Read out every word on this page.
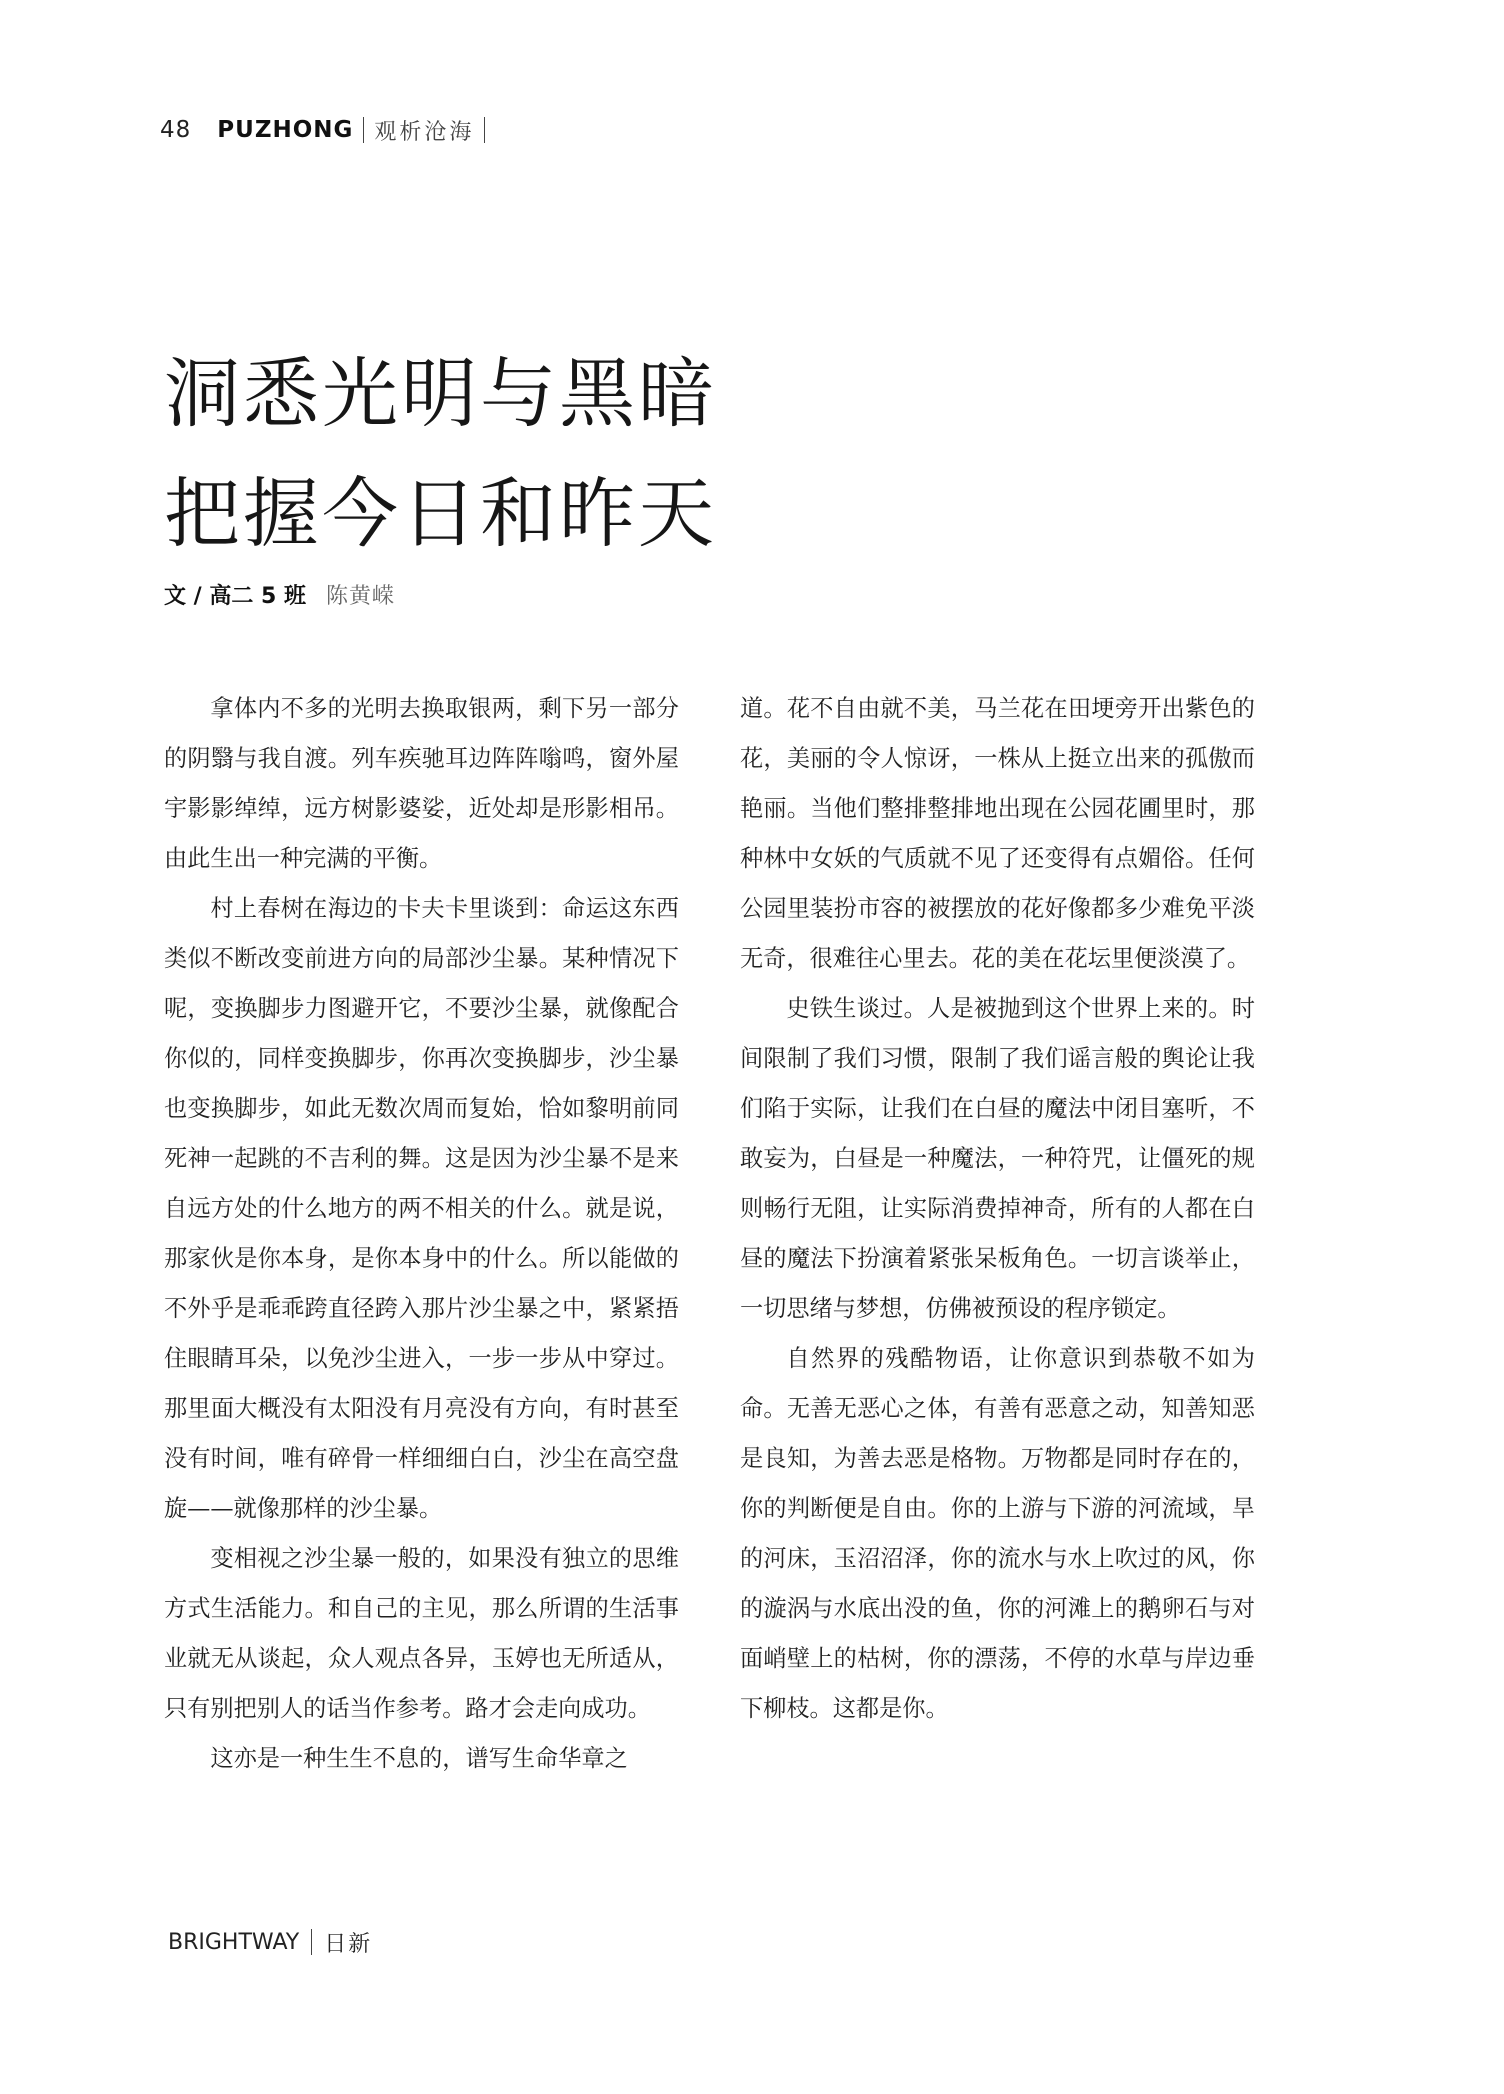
48 PUZHONG 观析沧海
洞悉光明与黑暗
把握今日和昨天
文 / 高二 5 班 陈黄嵘

拿体内不多的光明去换取银两，剩下另一部分的阴翳与我自渡。列车疾驰耳边阵阵嗡鸣，窗外屋宇影影绰绰，远方树影婆娑，近处却是形影相吊。由此生出一种完满的平衡。

村上春树在海边的卡夫卡里谈到：命运这东西类似不断改变前进方向的局部沙尘暴。某种情况下呢，变换脚步力图避开它，不要沙尘暴，就像配合你似的，同样变换脚步，你再次变换脚步，沙尘暴也变换脚步，如此无数次周而复始，恰如黎明前同死神一起跳的不吉利的舞。这是因为沙尘暴不是来自远方处的什么地方的两不相关的什么。就是说，那家伙是你本身，是你本身中的什么。所以能做的不外乎是乖乖跨直径跨入那片沙尘暴之中，紧紧捂住眼睛耳朵，以免沙尘进入，一步一步从中穿过。那里面大概没有太阳没有月亮没有方向，有时甚至没有时间，唯有碎骨一样细细白白，沙尘在高空盘旋——就像那样的沙尘暴。

变相视之沙尘暴一般的，如果没有独立的思维方式生活能力。和自己的主见，那么所谓的生活事业就无从谈起，众人观点各异，玉婷也无所适从，只有别把别人的话当作参考。路才会走向成功。

这亦是一种生生不息的，谱写生命华章之

道。花不自由就不美，马兰花在田埂旁开出紫色的花，美丽的令人惊讶，一株从上挺立出来的孤傲而艳丽。当他们整排整排地出现在公园花圃里时，那种林中女妖的气质就不见了还变得有点媚俗。任何公园里装扮市容的被摆放的花好像都多少难免平淡无奇，很难往心里去。花的美在花坛里便淡漠了。

史铁生谈过。人是被抛到这个世界上来的。时间限制了我们习惯，限制了我们谣言般的舆论让我们陷于实际，让我们在白昼的魔法中闭目塞听，不敢妄为，白昼是一种魔法，一种符咒，让僵死的规则畅行无阻，让实际消费掉神奇，所有的人都在白昼的魔法下扮演着紧张呆板角色。一切言谈举止，一切思绪与梦想，仿佛被预设的程序锁定。

自然界的残酷物语，让你意识到恭敬不如为命。无善无恶心之体，有善有恶意之动，知善知恶是良知，为善去恶是格物。万物都是同时存在的，你的判断便是自由。你的上游与下游的河流域，旱的河床，玉沼沼泽，你的流水与水上吹过的风，你的漩涡与水底出没的鱼，你的河滩上的鹅卵石与对面峭壁上的枯树，你的漂荡，不停的水草与岸边垂下柳枝。这都是你。

BRIGHTWAY 日新
